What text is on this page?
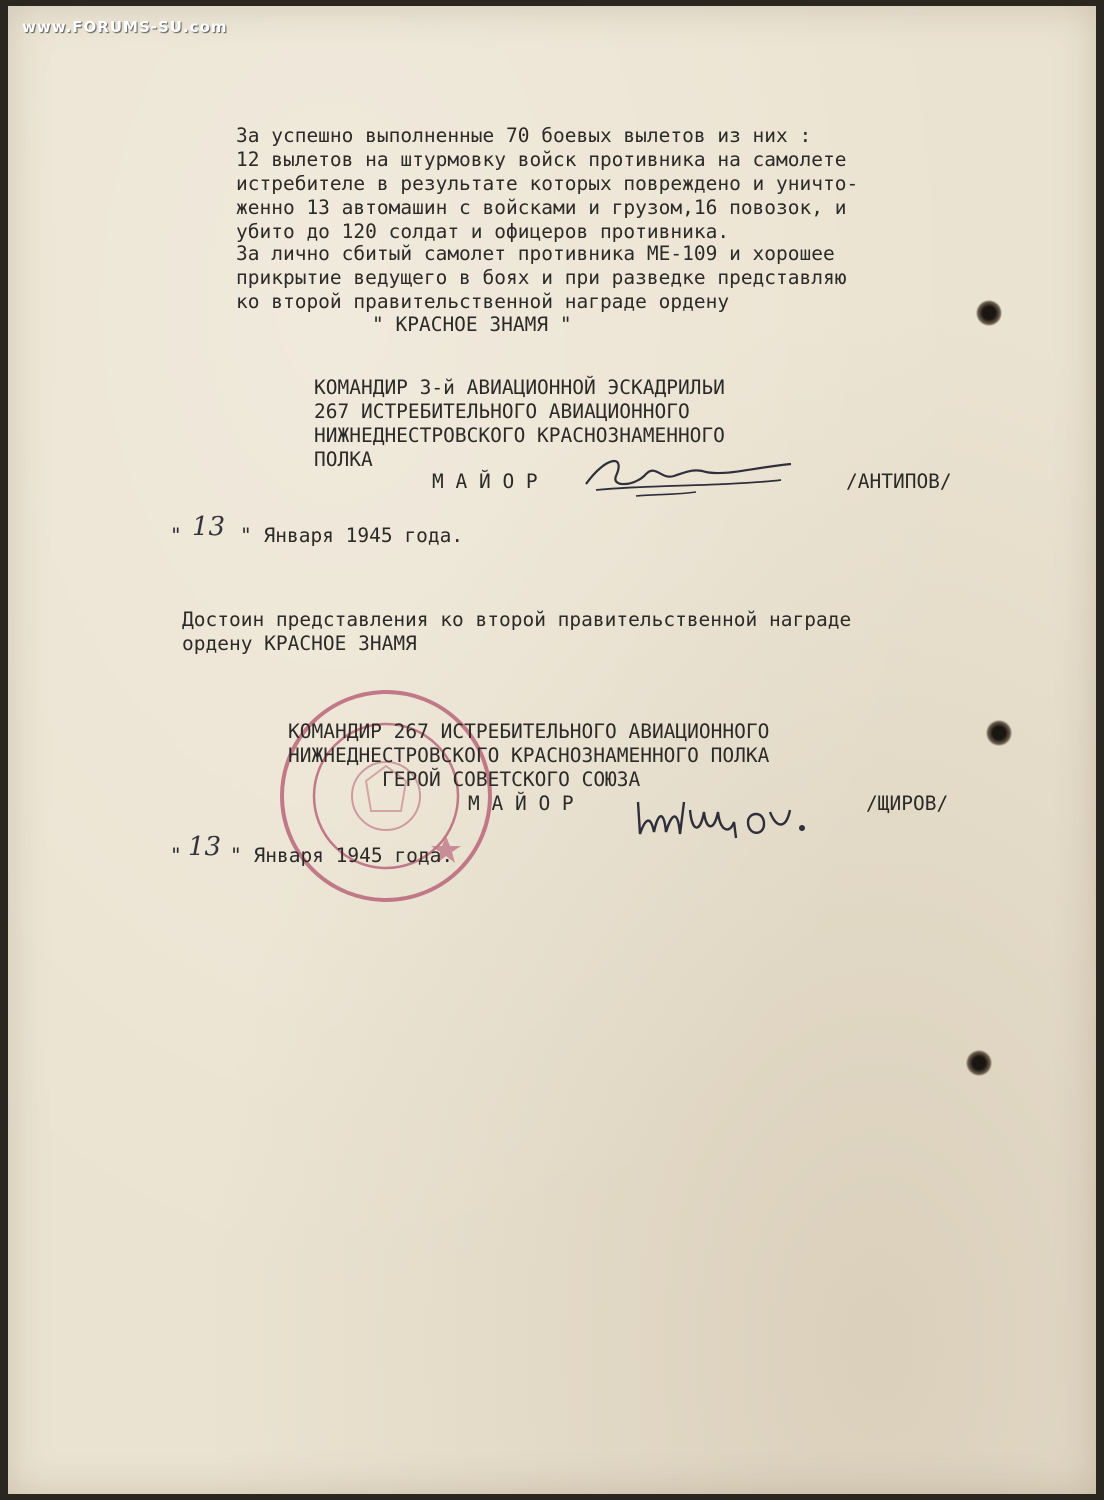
www.FORUMS-SU.com
За успешно выполненные 70 боевых вылетов из них :
12 вылетов на штурмовку войск противника на самолете
истребителе в результате которых повреждено и уничто-
женно 13 автомашин с войсками и грузом,16 повозок, и
убито до 120 солдат и офицеров противника.
За лично сбитый самолет противника МЕ-109 и хорошее
прикрытие ведущего в боях и при разведке представляю
ко второй правительственной награде ордену
" КРАСНОЕ ЗНАМЯ "
КОМАНДИР 3-й АВИАЦИОННОЙ ЭСКАДРИЛЬИ
267 ИСТРЕБИТЕЛЬНОГО АВИАЦИОННОГО
НИЖНЕДНЕСТРОВСКОГО КРАСНОЗНАМЕННОГО
ПОЛКА
М А Й О Р	/АНТИПОВ/
" 13 " Января 1945 года.
Достоин представления ко второй правительственной награде
ордену КРАСНОЕ ЗНАМЯ
КОМАНДИР 267 ИСТРЕБИТЕЛЬНОГО АВИАЦИОННОГО
НИЖНЕДНЕСТРОВСКОГО КРАСНОЗНАМЕННОГО ПОЛКА
ГЕРОЙ СОВЕТСКОГО СОЮЗА
М А Й О Р	/ЩИРОВ/
" 13 " Января 1945 года.
